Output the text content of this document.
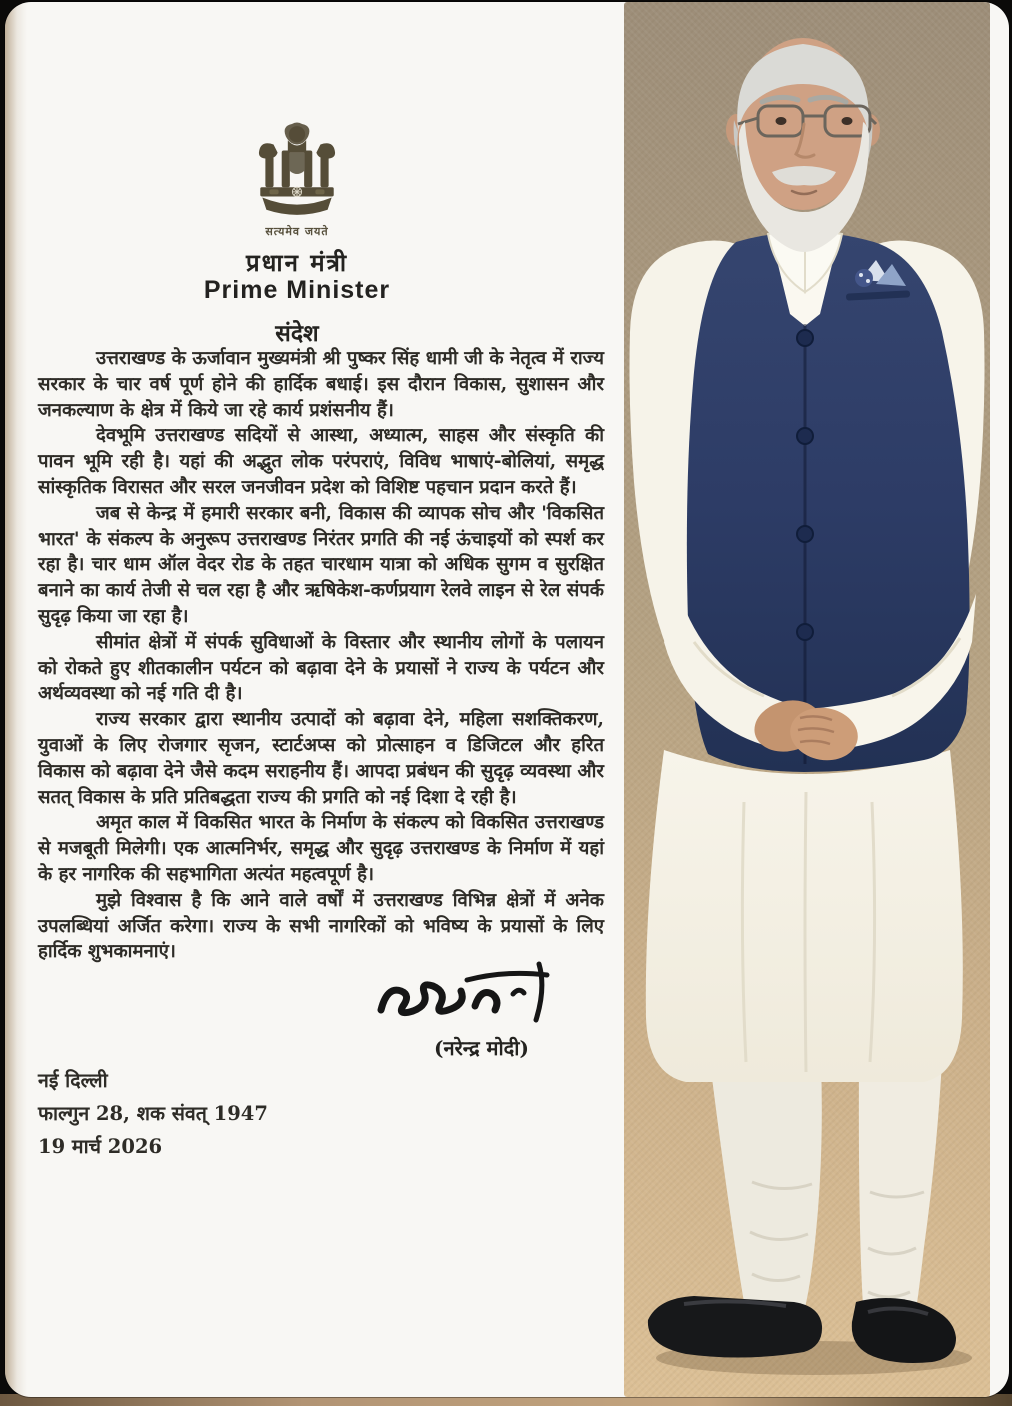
सत्यमेव जयते
प्रधान मंत्री
Prime Minister
संदेश

उत्तराखण्ड के ऊर्जावान मुख्यमंत्री श्री पुष्कर सिंह धामी जी के नेतृत्व में राज्य सरकार के चार वर्ष पूर्ण होने की हार्दिक बधाई। इस दौरान विकास, सुशासन और जनकल्याण के क्षेत्र में किये जा रहे कार्य प्रशंसनीय हैं।

देवभूमि उत्तराखण्ड सदियों से आस्था, अध्यात्म, साहस और संस्कृति की पावन भूमि रही है। यहां की अद्भुत लोक परंपराएं, विविध भाषाएं-बोलियां, समृद्ध सांस्कृतिक विरासत और सरल जनजीवन प्रदेश को विशिष्ट पहचान प्रदान करते हैं।

जब से केन्द्र में हमारी सरकार बनी, विकास की व्यापक सोच और 'विकसित भारत' के संकल्प के अनुरूप उत्तराखण्ड निरंतर प्रगति की नई ऊंचाइयों को स्पर्श कर रहा है। चार धाम ऑल वेदर रोड के तहत चारधाम यात्रा को अधिक सुगम व सुरक्षित बनाने का कार्य तेजी से चल रहा है और ऋषिकेश-कर्णप्रयाग रेलवे लाइन से रेल संपर्क सुदृढ़ किया जा रहा है।

सीमांत क्षेत्रों में संपर्क सुविधाओं के विस्तार और स्थानीय लोगों के पलायन को रोकते हुए शीतकालीन पर्यटन को बढ़ावा देने के प्रयासों ने राज्य के पर्यटन और अर्थव्यवस्था को नई गति दी है।

राज्य सरकार द्वारा स्थानीय उत्पादों को बढ़ावा देने, महिला सशक्तिकरण, युवाओं के लिए रोजगार सृजन, स्टार्टअप्स को प्रोत्साहन व डिजिटल और हरित विकास को बढ़ावा देने जैसे कदम सराहनीय हैं। आपदा प्रबंधन की सुदृढ़ व्यवस्था और सतत् विकास के प्रति प्रतिबद्धता राज्य की प्रगति को नई दिशा दे रही है।

अमृत काल में विकसित भारत के निर्माण के संकल्प को विकसित उत्तराखण्ड से मजबूती मिलेगी। एक आत्मनिर्भर, समृद्ध और सुदृढ़ उत्तराखण्ड के निर्माण में यहां के हर नागरिक की सहभागिता अत्यंत महत्वपूर्ण है।

मुझे विश्वास है कि आने वाले वर्षों में उत्तराखण्ड विभिन्न क्षेत्रों में अनेक उपलब्धियां अर्जित करेगा। राज्य के सभी नागरिकों को भविष्य के प्रयासों के लिए हार्दिक शुभकामनाएं।

(नरेन्द्र मोदी)
नई दिल्ली
फाल्गुन 28, शक संवत् 1947
19 मार्च 2026
